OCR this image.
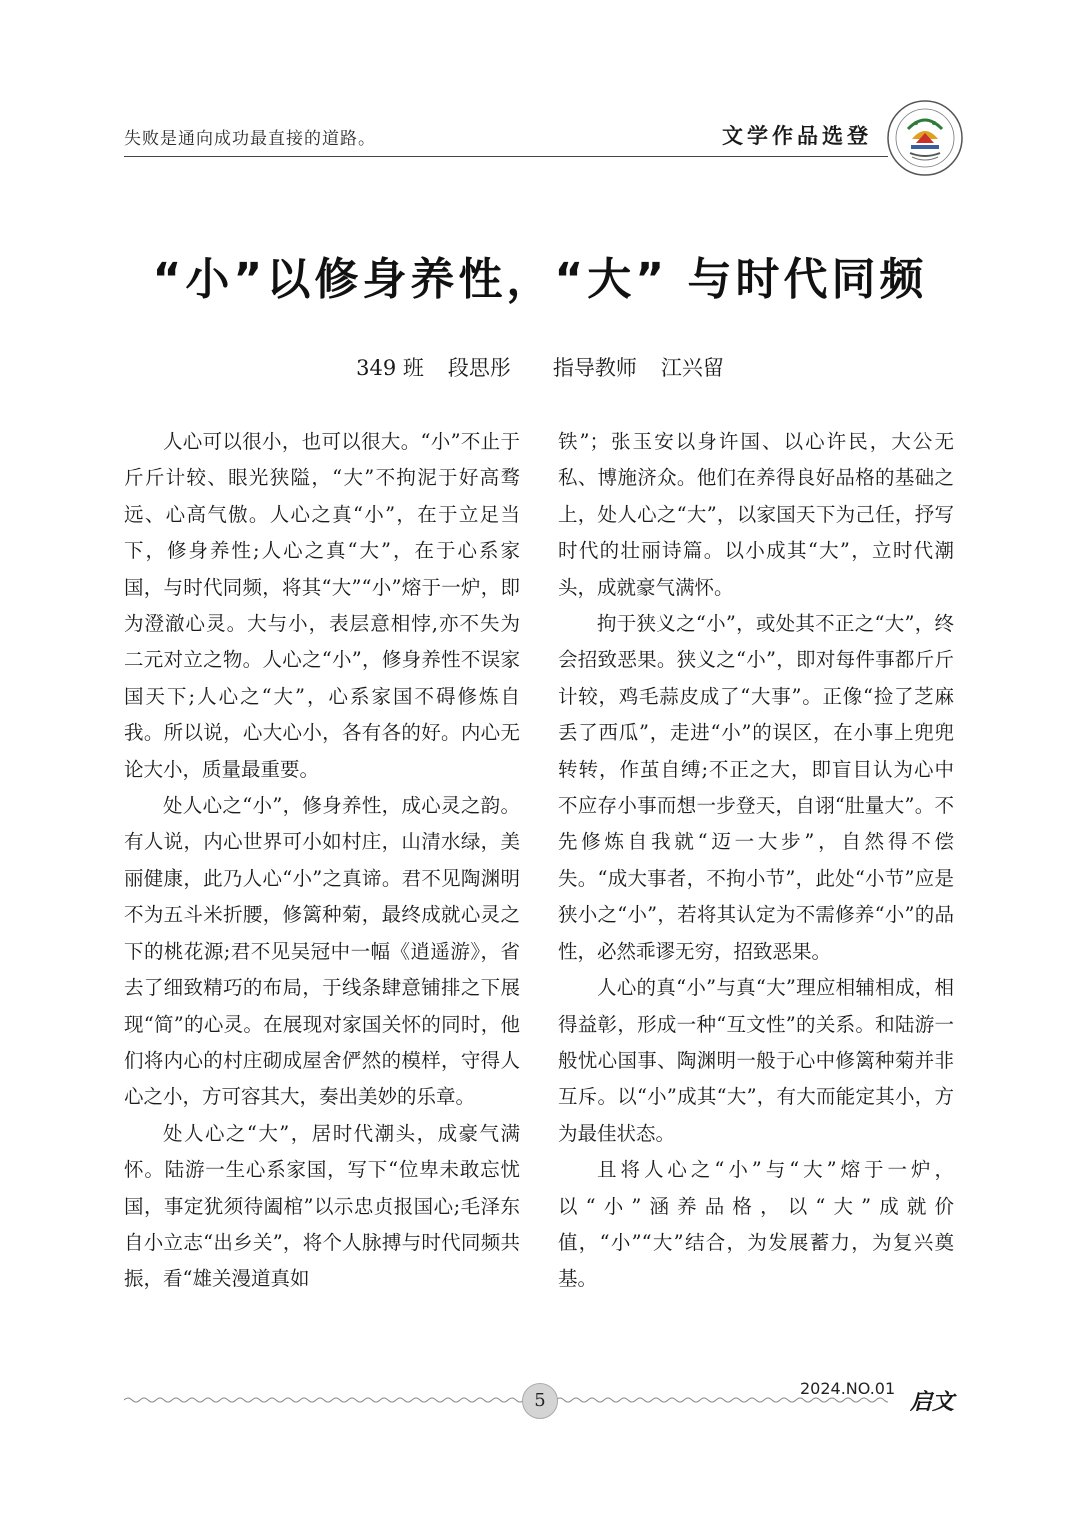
失败是通向成功最直接的道路。	文学作品选登
“小”以修身养性，“大” 与时代同频
349 班 段思彤 指导教师 江兴留

人心可以很小，也可以很大。“小”不止于斤斤计较、眼光狭隘，“大”不拘泥于好高骛远、心高气傲。人心之真“小”，在于立足当下，修身养性;人心之真“大”，在于心系家国，与时代同频，将其“大”“小”熔于一炉，即为澄澈心灵。大与小，表层意相悖,亦不失为二元对立之物。人心之“小”，修身养性不误家国天下;人心之“大”，心系家国不碍修炼自我。所以说，心大心小，各有各的好。内心无论大小，质量最重要。

处人心之“小”，修身养性，成心灵之韵。有人说，内心世界可小如村庄，山清水绿，美丽健康，此乃人心“小”之真谛。君不见陶渊明不为五斗米折腰，修篱种菊，最终成就心灵之下的桃花源;君不见吴冠中一幅《逍遥游》，省去了细致精巧的布局，于线条肆意铺排之下展现“简”的心灵。在展现对家国关怀的同时，他们将内心的村庄砌成屋舍俨然的模样，守得人心之小，方可容其大，奏出美妙的乐章。

处人心之“大”，居时代潮头，成豪气满怀。陆游一生心系家国，写下“位卑未敢忘忧国，事定犹须待阖棺”以示忠贞报国心;毛泽东自小立志“出乡关”，将个人脉搏与时代同频共振，看“雄关漫道真如

铁”；张玉安以身许国、以心许民，大公无私、博施济众。他们在养得良好品格的基础之上，处人心之“大”，以家国天下为己任，抒写时代的壮丽诗篇。以小成其“大”，立时代潮头，成就豪气满怀。

拘于狭义之“小”，或处其不正之“大”，终会招致恶果。狭义之“小”，即对每件事都斤斤计较，鸡毛蒜皮成了“大事”。正像“捡了芝麻丢了西瓜”，走进“小”的误区，在小事上兜兜转转，作茧自缚;不正之大，即盲目认为心中不应存小事而想一步登天，自诩“肚量大”。不先修炼自我就“迈一大步”，自然得不偿失。“成大事者，不拘小节”，此处“小节”应是狭小之“小”，若将其认定为不需修养“小”的品性，必然乖谬无穷，招致恶果。

人心的真“小”与真“大”理应相辅相成，相得益彰，形成一种“互文性”的关系。和陆游一般忧心国事、陶渊明一般于心中修篱种菊并非互斥。以“小”成其“大”，有大而能定其小，方为最佳状态。

且将人心之“小”与“大”熔于一炉，以“小”涵养品格，以“大”成就价值，“小”“大”结合，为发展蓄力，为复兴奠基。

5
2024.NO.01
启文
